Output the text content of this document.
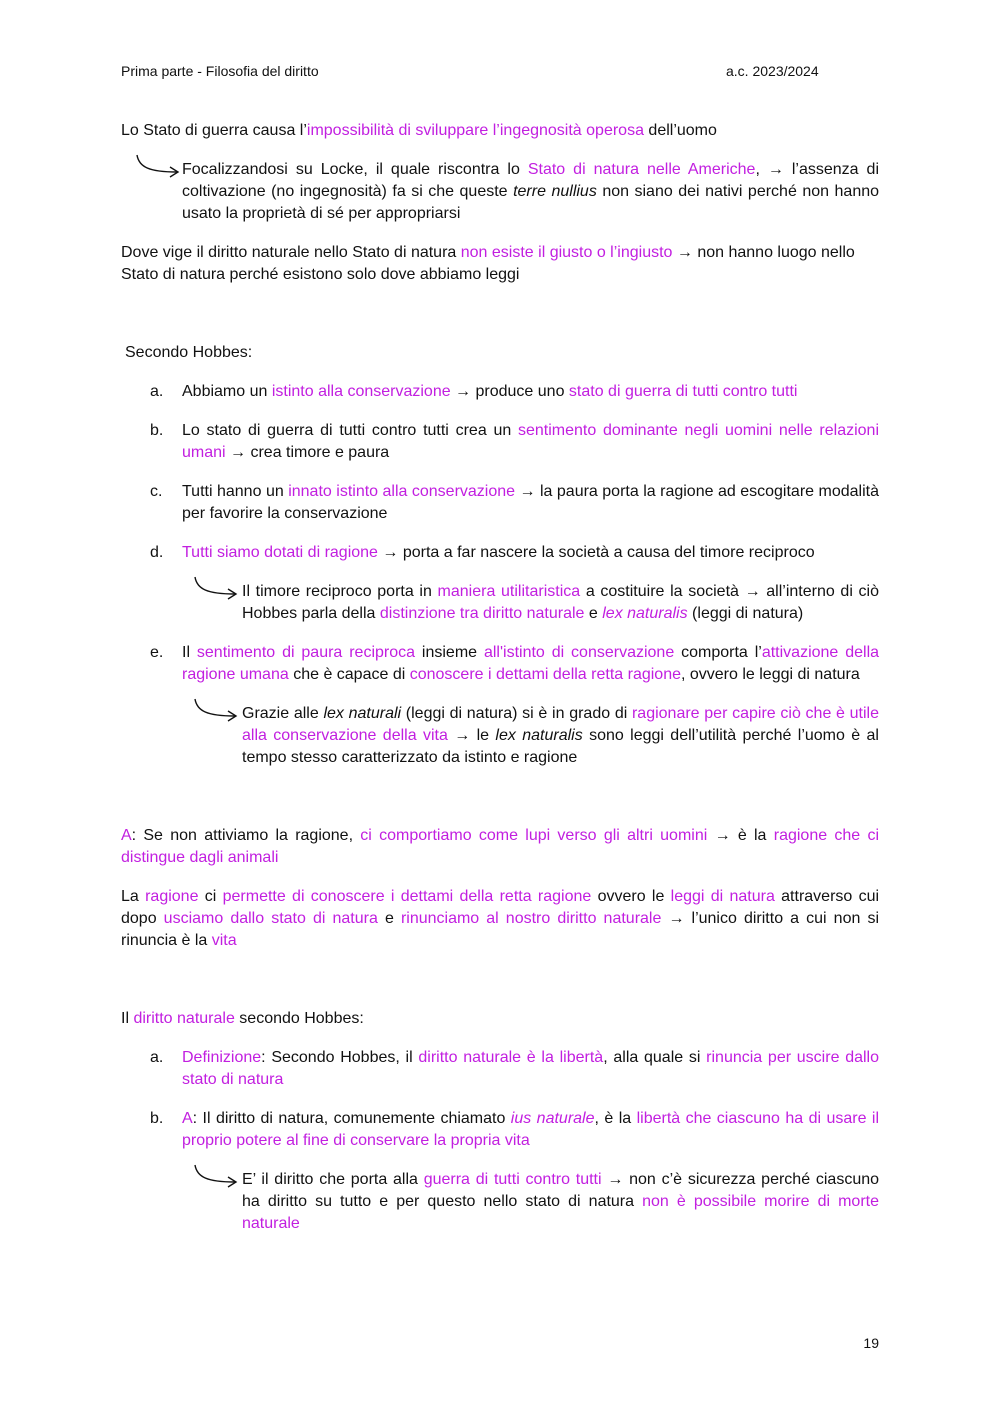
Prima parte - Filosofia del diritto	a.c. 2023/2024

Lo Stato di guerra causa l’impossibilità di sviluppare l’ingegnosità operosa dell’uomo

Focalizzandosi su Locke, il quale riscontra lo Stato di natura nelle Americhe, → l’assenza di coltivazione (no ingegnosità) fa si che queste terre nullius non siano dei nativi perché non hanno usato la proprietà di sé per appropriarsi

Dove vige il diritto naturale nello Stato di natura non esiste il giusto o l’ingiusto → non hanno luogo nello Stato di natura perché esistono solo dove abbiamo leggi

Secondo Hobbes:

a. Abbiamo un istinto alla conservazione → produce uno stato di guerra di tutti contro tutti

b. Lo stato di guerra di tutti contro tutti crea un sentimento dominante negli uomini nelle relazioni umani → crea timore e paura

c. Tutti hanno un innato istinto alla conservazione → la paura porta la ragione ad escogitare modalità per favorire la conservazione

d. Tutti siamo dotati di ragione → porta a far nascere la società a causa del timore reciproco

Il timore reciproco porta in maniera utilitaristica a costituire la società → all’interno di ciò Hobbes parla della distinzione tra diritto naturale e lex naturalis (leggi di natura)

e. Il sentimento di paura reciproca insieme all'istinto di conservazione comporta l’attivazione della ragione umana che è capace di conoscere i dettami della retta ragione, ovvero le leggi di natura

Grazie alle lex naturali (leggi di natura) si è in grado di ragionare per capire ciò che è utile alla conservazione della vita → le lex naturalis sono leggi dell’utilità perché l’uomo è al tempo stesso caratterizzato da istinto e ragione

A: Se non attiviamo la ragione, ci comportiamo come lupi verso gli altri uomini → è la ragione che ci distingue dagli animali

La ragione ci permette di conoscere i dettami della retta ragione ovvero le leggi di natura attraverso cui dopo usciamo dallo stato di natura e rinunciamo al nostro diritto naturale → l’unico diritto a cui non si rinuncia è la vita

Il diritto naturale secondo Hobbes:

a. Definizione: Secondo Hobbes, il diritto naturale è la libertà, alla quale si rinuncia per uscire dallo stato di natura

b. A: Il diritto di natura, comunemente chiamato ius naturale, è la libertà che ciascuno ha di usare il proprio potere al fine di conservare la propria vita

E’ il diritto che porta alla guerra di tutti contro tutti → non c’è sicurezza perché ciascuno ha diritto su tutto e per questo nello stato di natura non è possibile morire di morte naturale

19
